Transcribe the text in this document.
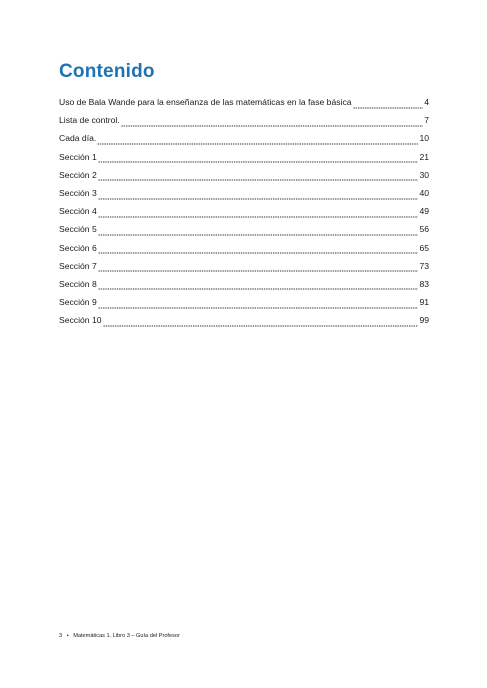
Contenido
Uso de Bala Wande para la enseñanza de las matemáticas en la fase básica	4
Lista de control.	7
Cada día.	10
Sección 1	21
Sección 2	30
Sección 3	40
Sección 4	49
Sección 5	56
Sección 6	65
Sección 7	73
Sección 8	83
Sección 9	91
Sección 10	99
3 • Matemáticas 1. Libro 3 – Guía del Profesor
